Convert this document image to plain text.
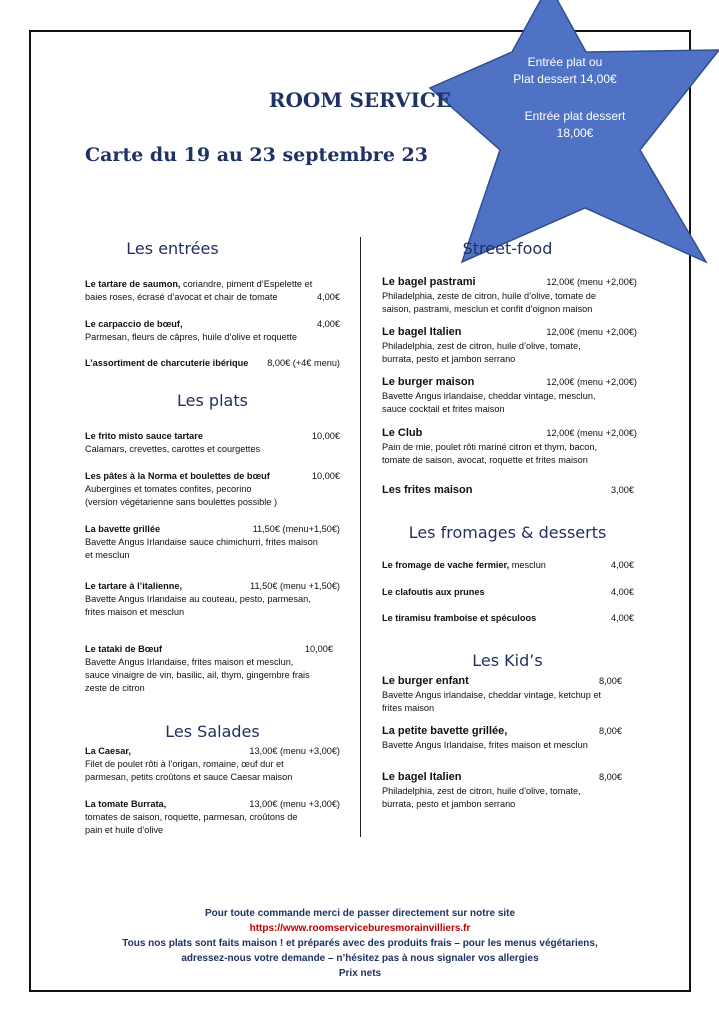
Entrée plat ou
Plat dessert 14,00€
Entrée plat dessert
18,00€
ROOM SERVICE
Carte du 19 au 23 septembre 23
Les entrées
Le tartare de saumon, coriandre, piment d’Espelette et
baies roses, écrasé d’avocat et chair de tomate	4,00€
Le carpaccio de bœuf,	4,00€
Parmesan, fleurs de câpres, huile d’olive et roquette
L’assortiment de charcuterie ibérique 8,00€ (+4€ menu)
Les plats
Le frito misto sauce tartare	10,00€
Calamars, crevettes, carottes et courgettes
Les pâtes à la Norma et boulettes de bœuf	10,00€
Aubergines et tomates confites, pecorino
(version végétarienne sans boulettes possible )
La bavette grillée	11,50€ (menu+1,50€)
Bavette Angus Irlandaise sauce chimichurri, frites maison
et mesclun
Le tartare à l’italienne,	11,50€ (menu +1,50€)
Bavette Angus Irlandaise au couteau, pesto, parmesan,
frites maison et mesclun
Le tataki de Bœuf	10,00€
Bavette Angus Irlandaise, frites maison et mesclun,
sauce vinaigre de vin, basilic, ail, thym, gingembre frais
zeste de citron
Les Salades
La Caesar,	13,00€ (menu +3,00€)
Filet de poulet rôti à l’origan, romaine, œuf dur et
parmesan, petits croûtons et sauce Caesar maison
La tomate Burrata,	13,00€ (menu +3,00€)
tomates de saison, roquette, parmesan, croûtons de
pain et huile d’olive
Street-food
Le bagel pastrami	12,00€ (menu +2,00€)
Philadelphia, zeste de citron, huile d’olive, tomate de
saison, pastrami, mesclun et confit d’oignon maison
Le bagel Italien	12,00€ (menu +2,00€)
Philadelphia, zest de citron, huile d’olive, tomate,
burrata, pesto et jambon serrano
Le burger maison	12,00€ (menu +2,00€)
Bavette Angus irlandaise, cheddar vintage, mesclun,
sauce cocktail et frites maison
Le Club	12,00€ (menu +2,00€)
Pain de mie, poulet rôti mariné citron et thym, bacon,
tomate de saison, avocat, roquette et frites maison
Les frites maison	3,00€
Les fromages & desserts
Le fromage de vache fermier, mesclun	4,00€
Le clafoutis aux prunes	4,00€
Le tiramisu framboise et spéculoos	4,00€
Les Kid’s
Le burger enfant	8,00€
Bavette Angus irlandaise, cheddar vintage, ketchup et
frites maison
La petite bavette grillée,	8,00€
Bavette Angus Irlandaise, frites maison et mesclun
Le bagel Italien	8,00€
Philadelphia, zest de citron, huile d’olive, tomate,
burrata, pesto et jambon serrano
Pour toute commande merci de passer directement sur notre site
https://www.roomserviceburesmorainvilliers.fr
Tous nos plats sont faits maison ! et préparés avec des produits frais – pour les menus végétariens,
adressez-nous votre demande – n’hésitez pas à nous signaler vos allergies
Prix nets
